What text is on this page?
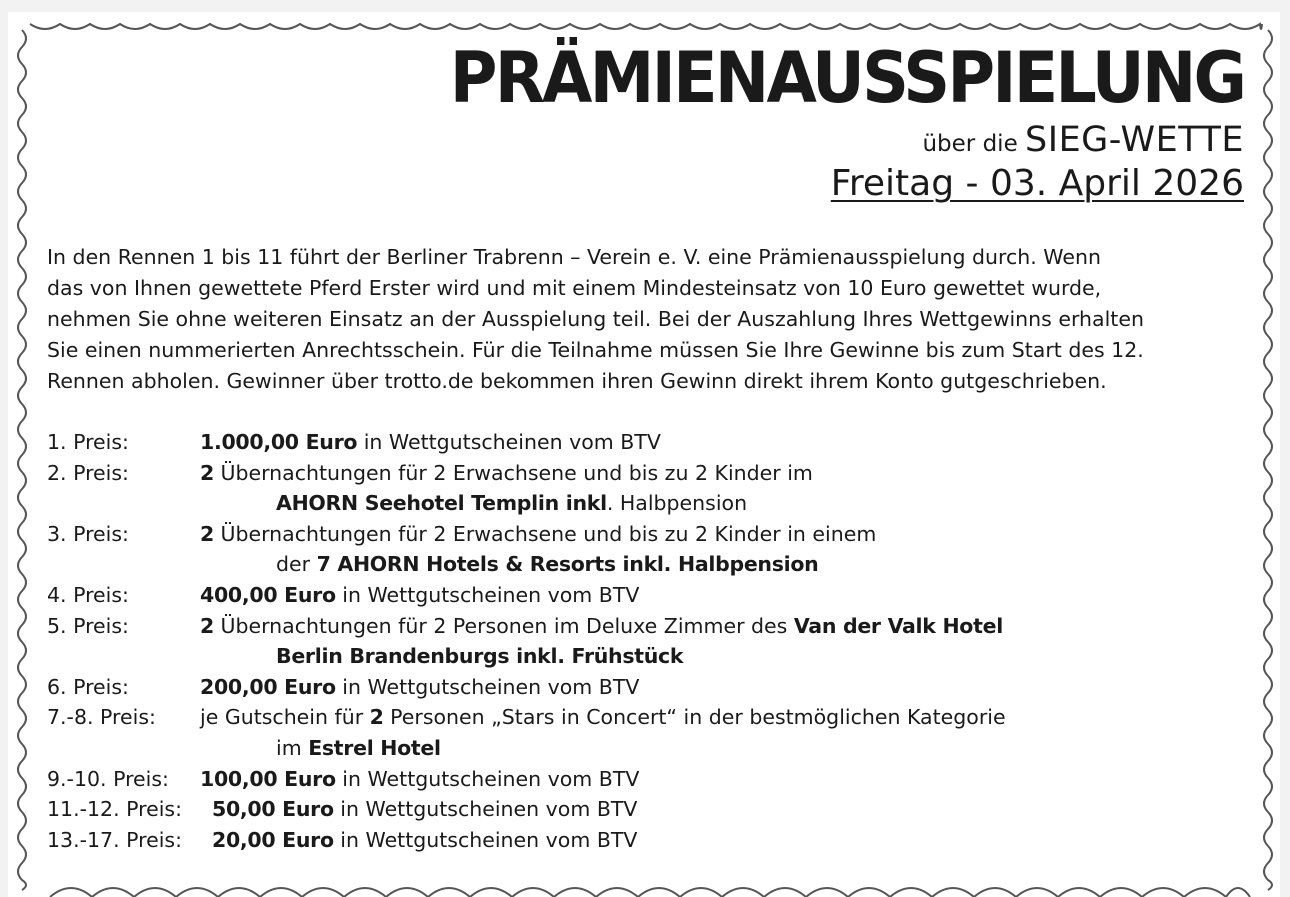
PRÄMIENAUSSPIELUNG
über die SIEG-WETTE
Freitag - 03. April 2026
In den Rennen 1 bis 11 führt der Berliner Trabrenn – Verein e. V. eine Prämienausspielung durch. Wenn
das von Ihnen gewettete Pferd Erster wird und mit einem Mindesteinsatz von 10 Euro gewettet wurde,
nehmen Sie ohne weiteren Einsatz an der Ausspielung teil. Bei der Auszahlung Ihres Wettgewinns erhalten
Sie einen nummerierten Anrechtsschein. Für die Teilnahme müssen Sie Ihre Gewinne bis zum Start des 12.
Rennen abholen. Gewinner über trotto.de bekommen ihren Gewinn direkt ihrem Konto gutgeschrieben.
1. Preis:	1.000,00 Euro in Wettgutscheinen vom BTV
2. Preis:	2 Übernachtungen für 2 Erwachsene und bis zu 2 Kinder im
AHORN Seehotel Templin inkl. Halbpension
3. Preis:	2 Übernachtungen für 2 Erwachsene und bis zu 2 Kinder in einem
der 7 AHORN Hotels & Resorts inkl. Halbpension
4. Preis:	400,00 Euro in Wettgutscheinen vom BTV
5. Preis:	2 Übernachtungen für 2 Personen im Deluxe Zimmer des Van der Valk Hotel
Berlin Brandenburgs inkl. Frühstück
6. Preis:	200,00 Euro in Wettgutscheinen vom BTV
7.-8. Preis:	je Gutschein für 2 Personen „Stars in Concert“ in der bestmöglichen Kategorie
im Estrel Hotel
9.-10. Preis:	100,00 Euro in Wettgutscheinen vom BTV
11.-12. Preis:	50,00 Euro in Wettgutscheinen vom BTV
13.-17. Preis:	20,00 Euro in Wettgutscheinen vom BTV
